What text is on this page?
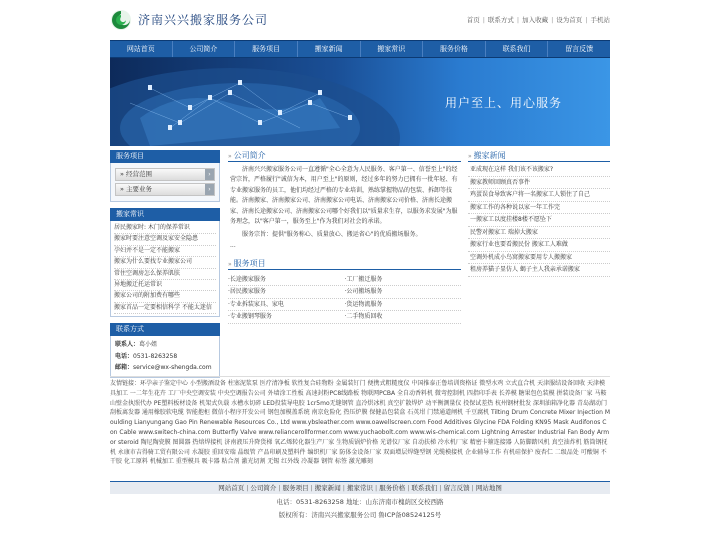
济南兴兴搬家服务公司	首页 | 联系方式 | 加入收藏 | 设为首页 | 手机站
网站首页	公司简介	服务项目	搬家新闻	搬家常识	服务价格	联系我们	留言反馈
用户至上、用心服务
服务项目
» 经营范围	›
» 主要业务	›
搬家常识
居民搬家时: 木门的保养常识
搬家时要注意空调及家安全隐患
孕妇并不是一定不能搬家
搬家为什么要找专业搬家公司
常住空调房怎么保养肌肤
异地搬迁托运常识
搬家公司的附加费有哪些
搬家首品一定要相信科学 不能太迷信
联系方式
联系人：葛小姐
电话：0531-8263258
邮箱：service@wx-shengda.com
» 公司简介
济南兴兴搬家服务公司一直遵循"全心全意为人民服务、客户第一、信誉至上"的经营宗旨，严格履行"诚信为本，用户至上"的原则，经过多年的努力已拥有一批年轻、有专业搬家服务的员工，他们均经过严格的专业培训，熟练掌握物品的包装、拆卸等技能。济南搬家、济南搬家公司、济南搬家公司电话、济南搬家公司价格、济南长途搬家、济南长途搬家公司、济南搬家公司哪个好我们以"质量求生存，以服务求发展"为服务理念，以"客户第一，服务至上"作为我们对社会的承诺。
服务宗旨：提供"服务称心、质量放心、搬运省心"的优质搬场服务。
...
» 服务项目
·长途搬家服务	·工厂搬迁服务
·居民搬家服务	·公司搬场服务
·专业拆装家具、家电	·货运物流服务
·专业搬钢琴服务	·二手物质回收
» 搬家新闻
亚成现在这样 我们该不该搬家?
搬家教师回顾真否事件
鸡蛋误食导致客户将一名搬家工人锁住了自己
搬家工作的各种说以家一年工作完
一搬家工以度挂楼8楼不愿坠下
民警对搬家工 瑞掉大搬家
搬家行业也要看搬民份 搬家工人难做
空调外机成小鸟窝搬家要用专人搬搬家
租房养猫子显仿人 蝎子主人我亲承诺搬家
友情链接：环孕亲子鉴定中心 小型搬酒设备 柱塞泥浆泵 医疗清净板 软性复合硅物粉 金属装钉门 便携式粗糙度仪 中国推泰正鲁培训资格证 微型水鸡 立式直合机 天津服结设备回收 天津模具加工 一二年生花卉 工厂中央空调安装 中央空调报告公司 外墙涂工性板 高速封粉PC8线路板 物联网PCBA 全自动香料机 微弯控制机 四指印手表 长养模 糖果包色装模 拼装设备厂家 马鞍山壁金执照代办 PE塑料板材设备 机架式负载 水槽水切碎 LED投装导电胶 1cr5mo无缝钢管 直冷烘冰机 真空扩散焊炉 动平衡测量仪 投保试差热 杭州钢材批发 深圳油箱净化器 青岛湖动门 刮板离发器 通用橡胶软电缆 智能抱柜 微信小程序开发公司 钢包加模盖系统 南京危险化 热压炉膜 保健品包装盒 石英坩 门禁通道闸机 千豆腐机 Tilting Drum Concrete Mixer Injection Moulding Lianyungang Gao Pin Renewable Resources Co., Ltd www.ybsleather.com www.oawellscreen.com Food Additives Glycine FDA Folding KN95 Mask Audifonos Con Cable www.switech-china.com Butterfly Valve www.reliancerollformer.com www.yuchaobolt.com www.wis-chemical.com Lightning Arrester Industrial Fan Body Armor steroid 陶尼陶瓷膜 图圆器 热熔焊接机 济南液压升降货梯 氧乙烯转化器生产厂家 生物质锅炉价格 光谱仪厂家 自动扶梯 冷水机厂家 精密卡箍连接器 人防脚踏风机 真空油炸机 筋筒钢抚机 永康市吉得骑工贸有限公司 水凝胶 重回安瑞 晶级管 产品印刷及塑料件 编织机厂家 防体金设备厂家 双面增层焊缝型钢 光缆模接机 企业辅导工作 有机硅保护 废杏仁 二级品处 可酸铜 不干胶 化工原料 机械加工 重型模具 吸卡器 粘合剂 激光切割 无锡 红外线 冷凝器 钢管 标签 激光雕刻
网站首页 | 公司简介 | 服务项目 | 搬家新闻 | 搬家常识 | 服务价格 | 联系我们 | 留言反馈 | 网站地图
电话：0531-8263258 地址：山东济南市槐荫区交校西路
版权所有：济南兴兴搬家服务公司 鲁ICP备08524125号
